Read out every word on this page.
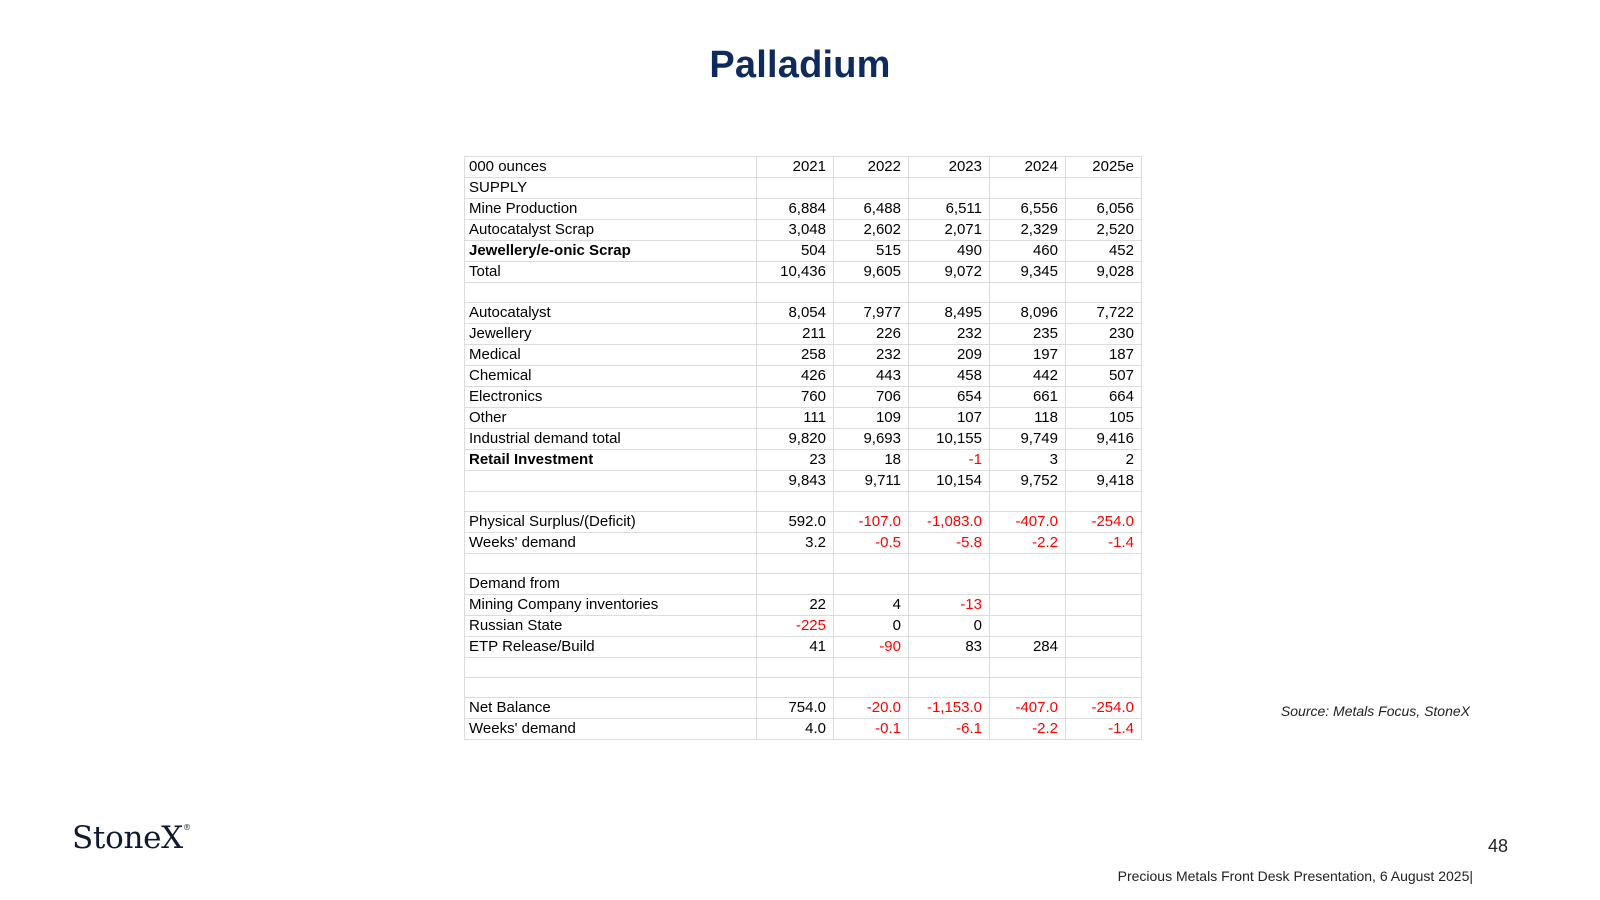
Palladium
000 ounces	2021	2022	2023	2024	2025e
SUPPLY					
Mine Production	6,884	6,488	6,511	6,556	6,056
Autocatalyst Scrap	3,048	2,602	2,071	2,329	2,520
Jewellery/e-onic Scrap	504	515	490	460	452
Total	10,436	9,605	9,072	9,345	9,028

Autocatalyst	8,054	7,977	8,495	8,096	7,722
Jewellery	211	226	232	235	230
Medical	258	232	209	197	187
Chemical	426	443	458	442	507
Electronics	760	706	654	661	664
Other	111	109	107	118	105
Industrial demand total	9,820	9,693	10,155	9,749	9,416
Retail Investment	23	18	-1	3	2
	9,843	9,711	10,154	9,752	9,418

Physical Surplus/(Deficit)	592.0	-107.0	-1,083.0	-407.0	-254.0
Weeks' demand	3.2	-0.5	-5.8	-2.2	-1.4

Demand from					
Mining Company inventories	22	4	-13		
Russian State	-225	0	0		
ETP Release/Build	41	-90	83	284	

Net Balance	754.0	-20.0	-1,153.0	-407.0	-254.0
Weeks' demand	4.0	-0.1	-6.1	-2.2	-1.4
Source: Metals Focus, StoneX
StoneX®
48
Precious Metals Front Desk Presentation, 6 August 2025|
